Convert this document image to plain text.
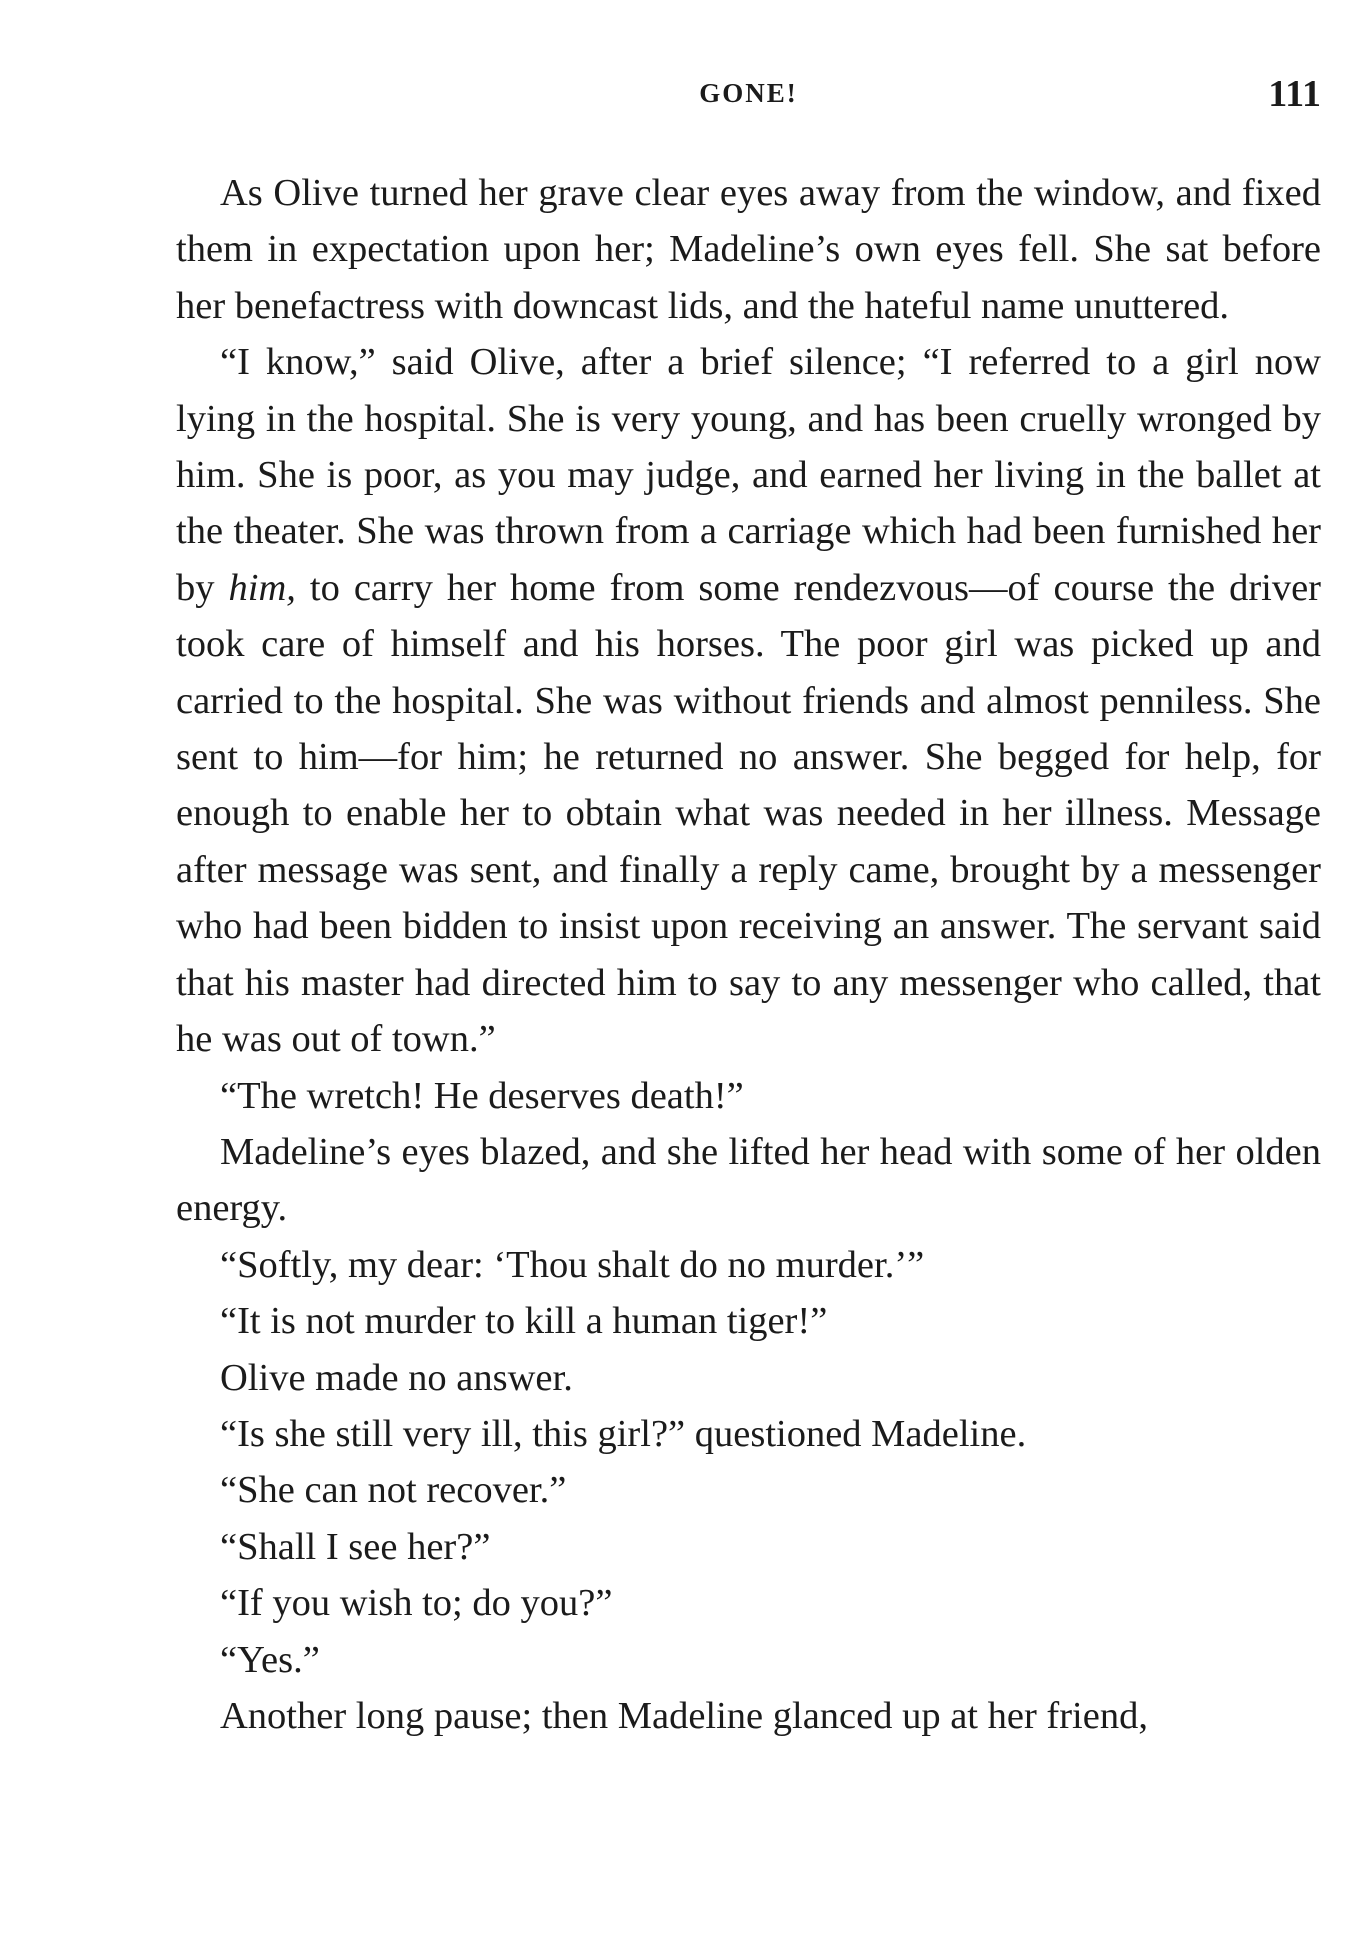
GONE!	111

As Olive turned her grave clear eyes away from the window, and fixed them in expectation upon her; Madeline’s own eyes fell. She sat before her benefactress with downcast lids, and the hateful name unuttered.

“I know,” said Olive, after a brief silence; “I referred to a girl now lying in the hospital. She is very young, and has been cruelly wronged by him. She is poor, as you may judge, and earned her living in the ballet at the theater. She was thrown from a carriage which had been furnished her by him, to carry her home from some rendezvous—of course the driver took care of himself and his horses. The poor girl was picked up and carried to the hospital. She was without friends and almost penniless. She sent to him—for him; he returned no answer. She begged for help, for enough to enable her to obtain what was needed in her illness. Message after message was sent, and finally a reply came, brought by a messenger who had been bidden to insist upon receiving an answer. The servant said that his master had directed him to say to any messenger who called, that he was out of town.”

“The wretch! He deserves death!”

Madeline’s eyes blazed, and she lifted her head with some of her olden energy.

“Softly, my dear: ‘Thou shalt do no murder.’”

“It is not murder to kill a human tiger!”

Olive made no answer.

“Is she still very ill, this girl?” questioned Madeline.

“She can not recover.”

“Shall I see her?”

“If you wish to; do you?”

“Yes.”

Another long pause; then Madeline glanced up at her friend,
